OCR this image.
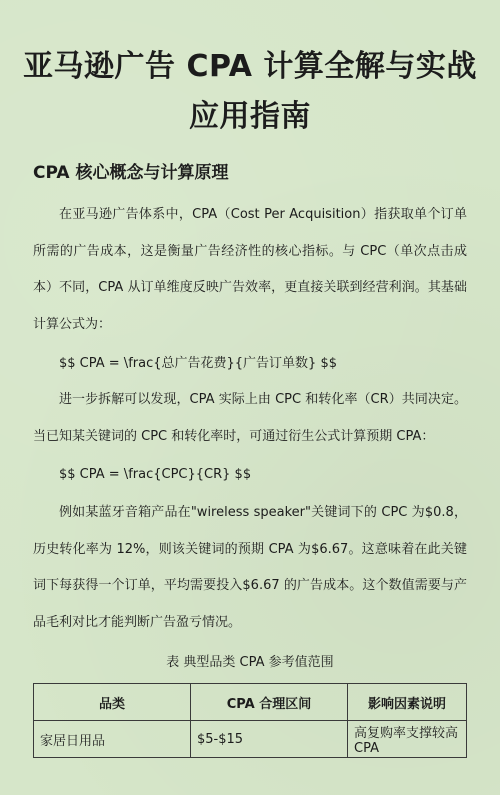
亚马逊广告 CPA 计算全解与实战应用指南
CPA 核心概念与计算原理

在亚马逊广告体系中，CPA（Cost Per Acquisition）指获取单个订单所需的广告成本，这是衡量广告经济性的核心指标。与 CPC（单次点击成本）不同，CPA 从订单维度反映广告效率，更直接关联到经营利润。其基础计算公式为：

$$ CPA = \frac{总广告花费}{广告订单数} $$

进一步拆解可以发现，CPA 实际上由 CPC 和转化率（CR）共同决定。当已知某关键词的 CPC 和转化率时，可通过衍生公式计算预期 CPA：

$$ CPA = \frac{CPC}{CR} $$

例如某蓝牙音箱产品在"wireless speaker"关键词下的 CPC 为$0.8，历史转化率为 12%，则该关键词的预期 CPA 为$6.67。这意味着在此关键词下每获得一个订单，平均需要投入$6.67 的广告成本。这个数值需要与产品毛利对比才能判断广告盈亏情况。

表 典型品类 CPA 参考值范围
品类	CPA 合理区间	影响因素说明
家居日用品	$5-$15	高复购率支撑较高 CPA
